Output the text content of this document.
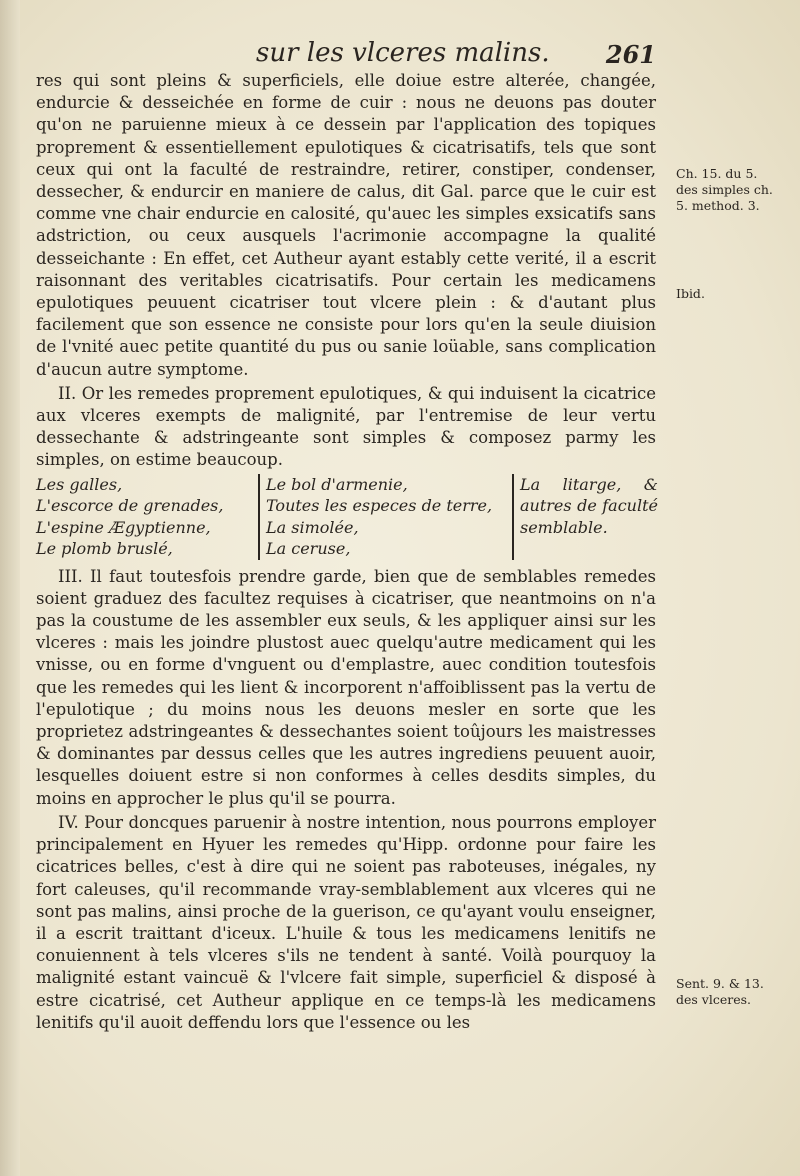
sur les vlceres malins. 261

res qui sont pleins & superficiels, elle doiue estre alterée, changée, endurcie & desseichée en forme de cuir : nous ne deuons pas douter qu'on ne paruienne mieux à ce dessein par l'application des topiques proprement & essentiellement epulotiques & cicatrisatifs, tels que sont ceux qui ont la faculté de restraindre, retirer, constiper, condenser, dessecher, & endurcir en maniere de calus, dit Gal. parce que le cuir est comme vne chair endurcie en calosité, qu'auec les simples exsicatifs sans adstriction, ou ceux ausquels l'acrimonie accompagne la qualité desseichante : En effet, cet Autheur ayant estably cette verité, il a escrit raisonnant des veritables cicatrisatifs. Pour certain les medicamens epulotiques peuuent cicatriser tout vlcere plein : & d'autant plus facilement que son essence ne consiste pour lors qu'en la seule diuision de l'vnité auec petite quantité du pus ou sanie loüable, sans complication d'aucun autre symptome.

II. Or les remedes proprement epulotiques, & qui induisent la cicatrice aux vlceres exempts de malignité, par l'entremise de leur vertu dessechante & adstringeante sont simples & composez parmy les simples, on estime beaucoup.

Les galles,
L'escorce de grenades,
L'espine Ægyptienne,
Le plomb bruslé,
Le bol d'armenie,
Toutes les especes de terre,
La simolée,
La ceruse,
La litarge, & autres de faculté semblable.

III. Il faut toutesfois prendre garde, bien que de semblables remedes soient graduez des facultez requises à cicatriser, que neantmoins on n'a pas la coustume de les assembler eux seuls, & les appliquer ainsi sur les vlceres : mais les joindre plustost auec quelqu'autre medicament qui les vnisse, ou en forme d'vnguent ou d'emplastre, auec condition toutesfois que les remedes qui les lient & incorporent n'affoiblissent pas la vertu de l'epulotique ; du moins nous les deuons mesler en sorte que les proprietez adstringeantes & dessechantes soient toûjours les maistresses & dominantes par dessus celles que les autres ingrediens peuuent auoir, lesquelles doiuent estre si non conformes à celles desdits simples, du moins en approcher le plus qu'il se pourra.

IV. Pour doncques paruenir à nostre intention, nous pourrons employer principalement en Hyuer les remedes qu'Hipp. ordonne pour faire les cicatrices belles, c'est à dire qui ne soient pas raboteuses, inégales, ny fort caleuses, qu'il recommande vray-semblablement aux vlceres qui ne sont pas malins, ainsi proche de la guerison, ce qu'ayant voulu enseigner, il a escrit traittant d'iceux. L'huile & tous les medicamens lenitifs ne conuiennent à tels vlceres s'ils ne tendent à santé. Voilà pourquoy la malignité estant vaincuë & l'vlcere fait simple, superficiel & disposé à estre cicatrisé, cet Autheur applique en ce temps-là les medicamens lenitifs qu'il auoit deffendu lors que l'essence ou les

Ch. 15. du 5. des simples ch. 5. method. 3.
Ibid.
Sent. 9. & 13. des vlceres.
